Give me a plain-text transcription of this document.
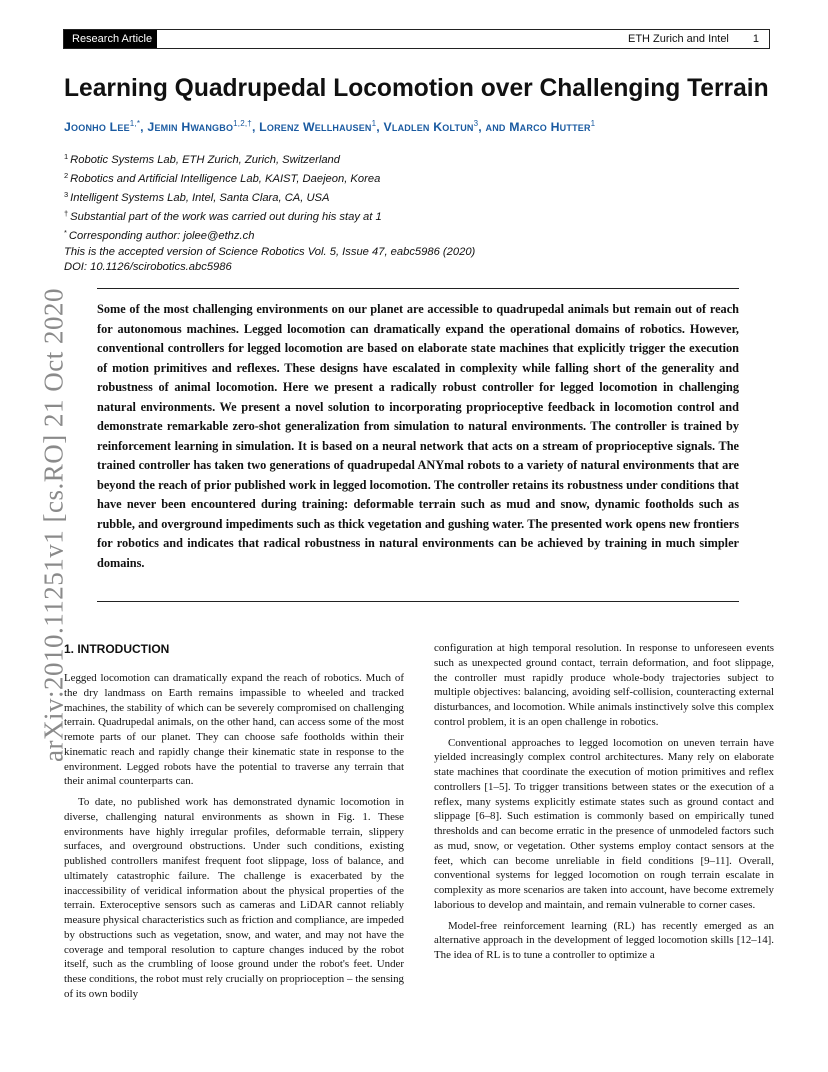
Research Article	ETH Zurich and Intel 1
Learning Quadrupedal Locomotion over Challenging Terrain
Joonho Lee$^{1,*}$, Jemin Hwangbo$^{1,2,\dagger}$, Lorenz Wellhausen$^1$, Vladlen Koltun$^3$, and Marco Hutter$^1$
$^1$ Robotic Systems Lab, ETH Zurich, Zurich, Switzerland
$^2$ Robotics and Artificial Intelligence Lab, KAIST, Daejeon, Korea
$^3$ Intelligent Systems Lab, Intel, Santa Clara, CA, USA
† Substantial part of the work was carried out during his stay at 1
* Corresponding author: jolee@ethz.ch
This is the accepted version of Science Robotics Vol. 5, Issue 47, eabc5986 (2020)
DOI: 10.1126/scirobotics.abc5986
Some of the most challenging environments on our planet are accessible to quadrupedal animals but remain out of reach for autonomous machines. Legged locomotion can dramatically expand the operational domains of robotics. However, conventional controllers for legged locomotion are based on elaborate state machines that explicitly trigger the execution of motion primitives and reflexes. These designs have escalated in complexity while falling short of the generality and robustness of animal locomotion. Here we present a radically robust controller for legged locomotion in challenging natural environments. We present a novel solution to incorporating proprioceptive feedback in locomotion control and demonstrate remarkable zero-shot generalization from simulation to natural environments. The controller is trained by reinforcement learning in simulation. It is based on a neural network that acts on a stream of proprioceptive signals. The trained controller has taken two generations of quadrupedal ANYmal robots to a variety of natural environments that are beyond the reach of prior published work in legged locomotion. The controller retains its robustness under conditions that have never been encountered during training: deformable terrain such as mud and snow, dynamic footholds such as rubble, and overground impediments such as thick vegetation and gushing water. The presented work opens new frontiers for robotics and indicates that radical robustness in natural environments can be achieved by training in much simpler domains.
arXiv:2010.11251v1 [cs.RO] 21 Oct 2020
1. INTRODUCTION

Legged locomotion can dramatically expand the reach of robotics. Much of the dry landmass on Earth remains impassible to wheeled and tracked machines, the stability of which can be severely compromised on challenging terrain. Quadrupedal animals, on the other hand, can access some of the most remote parts of our planet. They can choose safe footholds within their kinematic reach and rapidly change their kinematic state in response to the environment. Legged robots have the potential to traverse any terrain that their animal counterparts can.

To date, no published work has demonstrated dynamic locomotion in diverse, challenging natural environments as shown in Fig. 1. These environments have highly irregular profiles, deformable terrain, slippery surfaces, and overground obstructions. Under such conditions, existing published controllers manifest frequent foot slippage, loss of balance, and ultimately catastrophic failure. The challenge is exacerbated by the inaccessibility of veridical information about the physical properties of the terrain. Exteroceptive sensors such as cameras and LiDAR cannot reliably measure physical characteristics such as friction and compliance, are impeded by obstructions such as vegetation, snow, and water, and may not have the coverage and temporal resolution to capture changes induced by the robot itself, such as the crumbling of loose ground under the robot's feet. Under these conditions, the robot must rely crucially on proprioception – the sensing of its own bodily

configuration at high temporal resolution. In response to unforeseen events such as unexpected ground contact, terrain deformation, and foot slippage, the controller must rapidly produce whole-body trajectories subject to multiple objectives: balancing, avoiding self-collision, counteracting external disturbances, and locomotion. While animals instinctively solve this complex control problem, it is an open challenge in robotics.

Conventional approaches to legged locomotion on uneven terrain have yielded increasingly complex control architectures. Many rely on elaborate state machines that coordinate the execution of motion primitives and reflex controllers [1–5]. To trigger transitions between states or the execution of a reflex, many systems explicitly estimate states such as ground contact and slippage [6–8]. Such estimation is commonly based on empirically tuned thresholds and can become erratic in the presence of unmodeled factors such as mud, snow, or vegetation. Other systems employ contact sensors at the feet, which can become unreliable in field conditions [9–11]. Overall, conventional systems for legged locomotion on rough terrain escalate in complexity as more scenarios are taken into account, have become extremely laborious to develop and maintain, and remain vulnerable to corner cases.

Model-free reinforcement learning (RL) has recently emerged as an alternative approach in the development of legged locomotion skills [12–14]. The idea of RL is to tune a controller to optimize a
